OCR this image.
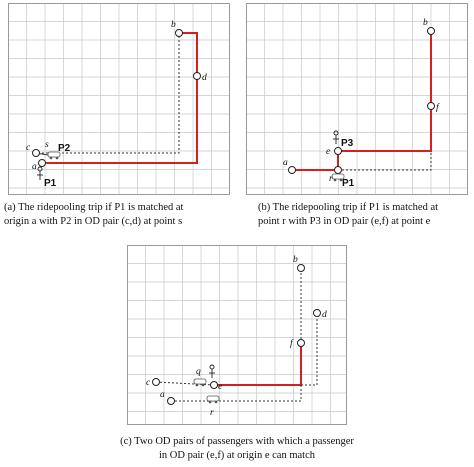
b
d
c s
a
P2
P1
b
f
a
e
r
P3
P1
(a) The ridepooling trip if P1 is matched at
origin a with P2 in OD pair (c,d) at point s
(b) The ridepooling trip if P1 is matched at
point r with P3 in OD pair (e,f) at point e
b
d
f
c
a
q
e
r
(c) Two OD pairs of passengers with which a passenger
in OD pair (e,f) at origin e can match
